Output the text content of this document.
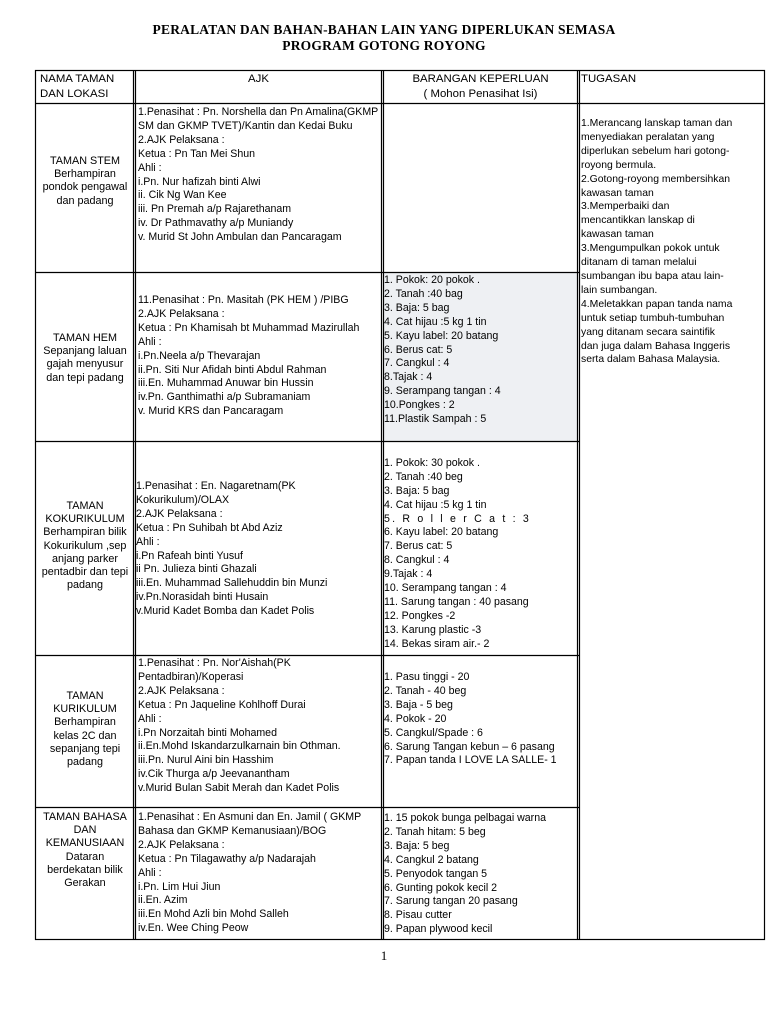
PERALATAN DAN BAHAN-BAHAN LAIN YANG DIPERLUKAN SEMASA
PROGRAM GOTONG ROYONG
NAMA TAMAN
DAN LOKASI
AJK	BARANGAN KEPERLUAN
( Mohon Penasihat Isi)
TUGASAN
TAMAN STEM
Berhampiran
pondok pengawal
dan padang
1.Penasihat : Pn. Norshella dan Pn Amalina(GKMP
SM dan GKMP TVET)/Kantin dan Kedai Buku
2.AJK Pelaksana :
Ketua : Pn Tan Mei Shun
Ahli :
i.Pn. Nur hafizah binti Alwi
ii. Cik Ng Wan Kee
iii. Pn Premah a/p Rajarethanam
iv. Dr Pathmavathy a/p Muniandy
v. Murid St John Ambulan dan Pancaragam
TAMAN HEM
Sepanjang laluan
gajah menyusur
dan tepi padang
11.Penasihat : Pn. Masitah (PK HEM ) /PIBG
2.AJK Pelaksana :
Ketua : Pn Khamisah bt Muhammad Mazirullah
Ahli :
i.Pn.Neela a/p Thevarajan
ii.Pn. Siti Nur Afidah binti Abdul Rahman
iii.En. Muhammad Anuwar bin Hussin
iv.Pn. Ganthimathi a/p Subramaniam
v. Murid KRS dan Pancaragam
1. Pokok: 20 pokok .
2. Tanah :40 bag
3. Baja: 5 bag
4. Cat hijau :5 kg 1 tin
5. Kayu label: 20 batang
6. Berus cat: 5
7. Cangkul : 4
8.Tajak : 4
9. Serampang tangan : 4
10.Pongkes : 2
11.Plastik Sampah : 5
TAMAN
KOKURIKULUM
Berhampiran bilik
Kokurikulum ,sep
anjang parker
pentadbir dan tepi
padang
1.Penasihat : En. Nagaretnam(PK Kokurikulum)/OLAX
2.AJK Pelaksana :
Ketua : Pn Suhibah bt Abd Aziz
Ahli :
i.Pn Rafeah binti Yusuf
ii Pn. Julieza binti Ghazali
iii.En. Muhammad Sallehuddin bin Munzi
iv.Pn.Norasidah binti Husain
v.Murid Kadet Bomba dan Kadet Polis

1. Pokok: 30 pokok .
2. Tanah :40 beg
3. Baja: 5 bag
4. Cat hijau :5 kg 1 tin
5. R o l l e r C a t : 3
6. Kayu label: 20 batang
7. Berus cat: 5
8. Cangkul : 4
9.Tajak : 4
10. Serampang tangan : 4
11. Sarung tangan : 40 pasang
12. Pongkes -2
13. Karung plastic -3
14. Bekas siram air.- 2

TAMAN
KURIKULUM
Berhampiran
kelas 2C dan
sepanjang tepi
padang
1.Penasihat : Pn. Nor'Aishah(PK
Pentadbiran)/Koperasi
2.AJK Pelaksana :
Ketua : Pn Jaqueline Kohlhoff Durai
Ahli :
i.Pn Norzaitah binti Mohamed
ii.En.Mohd Iskandarzulkarnain bin Othman.
iii.Pn. Nurul Aini bin Hasshim
iv.Cik Thurga a/p Jeevanantham
v.Murid Bulan Sabit Merah dan Kadet Polis
1. Pasu tinggi - 20
2. Tanah - 40 beg
3. Baja - 5 beg
4. Pokok - 20
5. Cangkul/Spade : 6
6. Sarung Tangan kebun – 6 pasang
7. Papan tanda I LOVE LA SALLE- 1
TAMAN BAHASA
DAN
KEMANUSIAAN
Dataran
berdekatan bilik
Gerakan
1.Penasihat : En Asmuni dan En. Jamil ( GKMP
Bahasa dan GKMP Kemanusiaan)/BOG
2.AJK Pelaksana :
Ketua : Pn Tilagawathy a/p Nadarajah
Ahli :
i.Pn. Lim Hui Jiun
ii.En. Azim
iii.En Mohd Azli bin Mohd Salleh
iv.En. Wee Ching Peow
1. 15 pokok bunga pelbagai warna
2. Tanah hitam: 5 beg
3. Baja: 5 beg
4. Cangkul 2 batang
5. Penyodok tangan 5
6. Gunting pokok kecil 2
7. Sarung tangan 20 pasang
8. Pisau cutter
9. Papan plywood kecil
1.Merancang lanskap taman dan
menyediakan peralatan yang
diperlukan sebelum hari gotong-
royong bermula.
2.Gotong-royong membersihkan
kawasan taman
3.Memperbaiki dan
mencantikkan lanskap di
kawasan taman
3.Mengumpulkan pokok untuk
ditanam di taman melalui
sumbangan ibu bapa atau lain-
lain sumbangan.
4.Meletakkan papan tanda nama
untuk setiap tumbuh-tumbuhan
yang ditanam secara saintifik
dan juga dalam Bahasa Inggeris
serta dalam Bahasa Malaysia.
1
